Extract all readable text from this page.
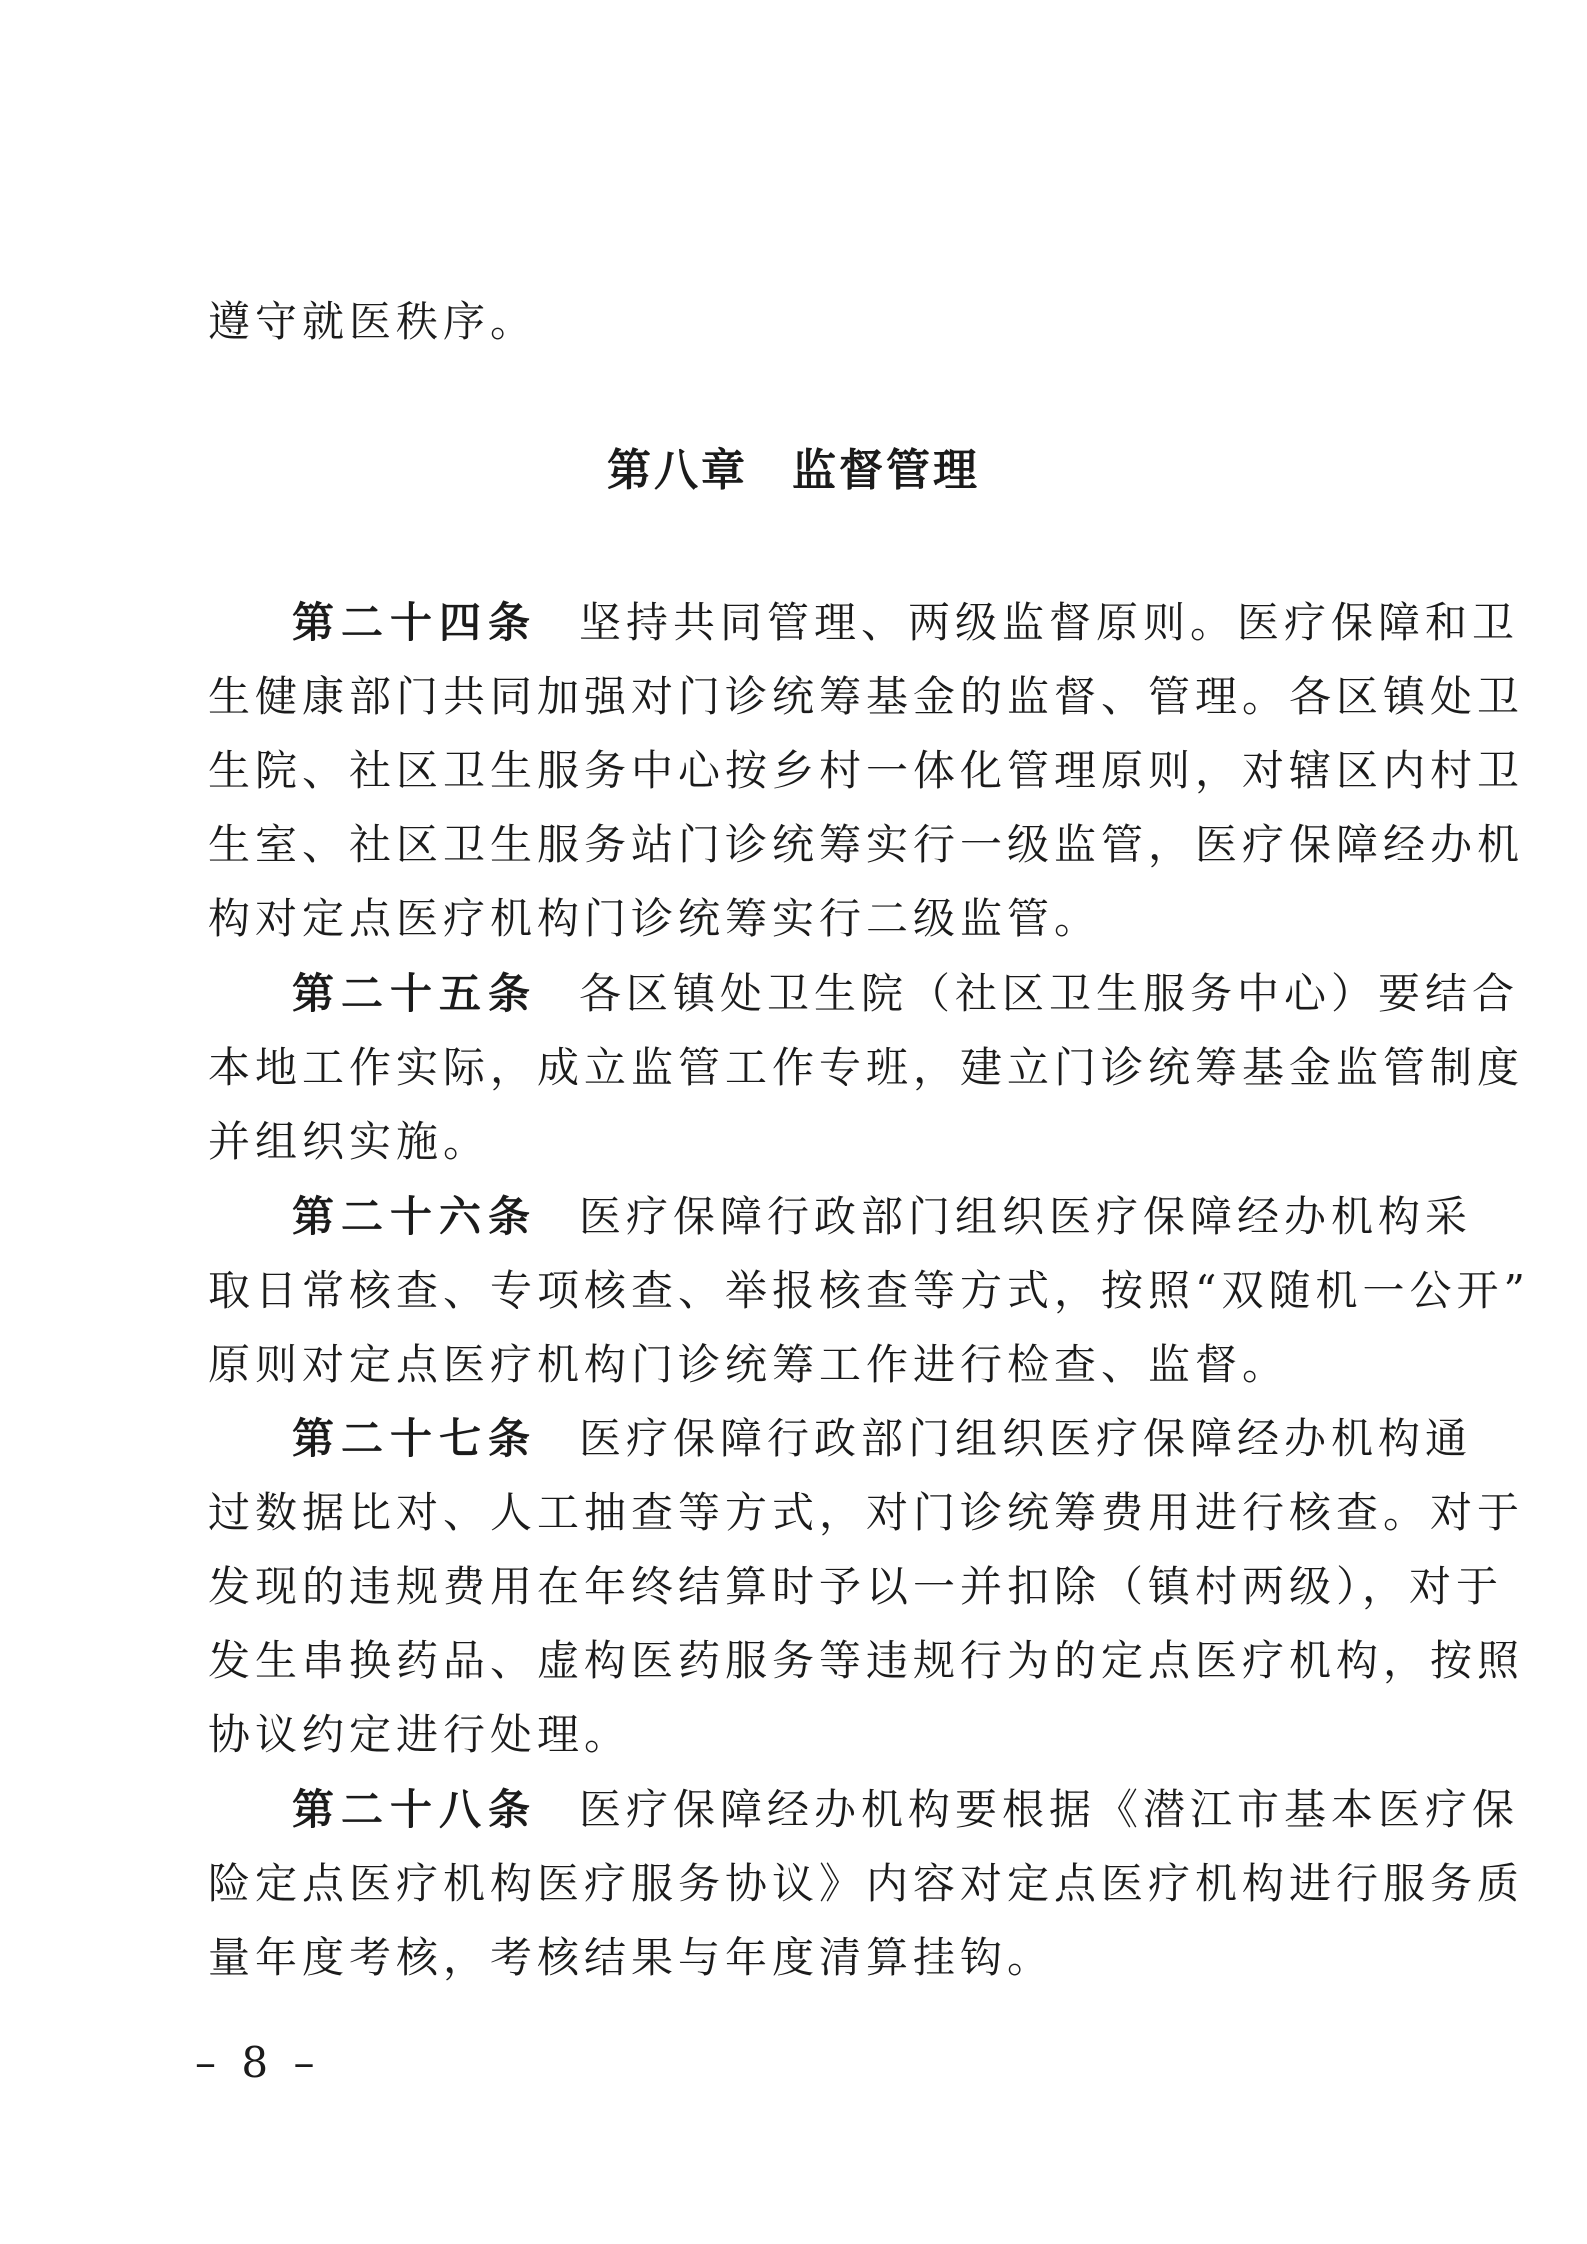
遵守就医秩序。
第八章 监督管理
第二十四条 坚持共同管理、两级监督原则。医疗保障和卫
生健康部门共同加强对门诊统筹基金的监督、管理。各区镇处卫
生院、社区卫生服务中心按乡村一体化管理原则，对辖区内村卫
生室、社区卫生服务站门诊统筹实行一级监管，医疗保障经办机
构对定点医疗机构门诊统筹实行二级监管。
第二十五条 各区镇处卫生院（社区卫生服务中心）要结合
本地工作实际，成立监管工作专班，建立门诊统筹基金监管制度
并组织实施。
第二十六条 医疗保障行政部门组织医疗保障经办机构采
取日常核查、专项核查、举报核查等方式，按照“双随机一公开”
原则对定点医疗机构门诊统筹工作进行检查、监督。
第二十七条 医疗保障行政部门组织医疗保障经办机构通
过数据比对、人工抽查等方式，对门诊统筹费用进行核查。对于
发现的违规费用在年终结算时予以一并扣除（镇村两级），对于
发生串换药品、虚构医药服务等违规行为的定点医疗机构，按照
协议约定进行处理。
第二十八条 医疗保障经办机构要根据《潜江市基本医疗保
险定点医疗机构医疗服务协议》内容对定点医疗机构进行服务质
量年度考核，考核结果与年度清算挂钩。
– 8 –
